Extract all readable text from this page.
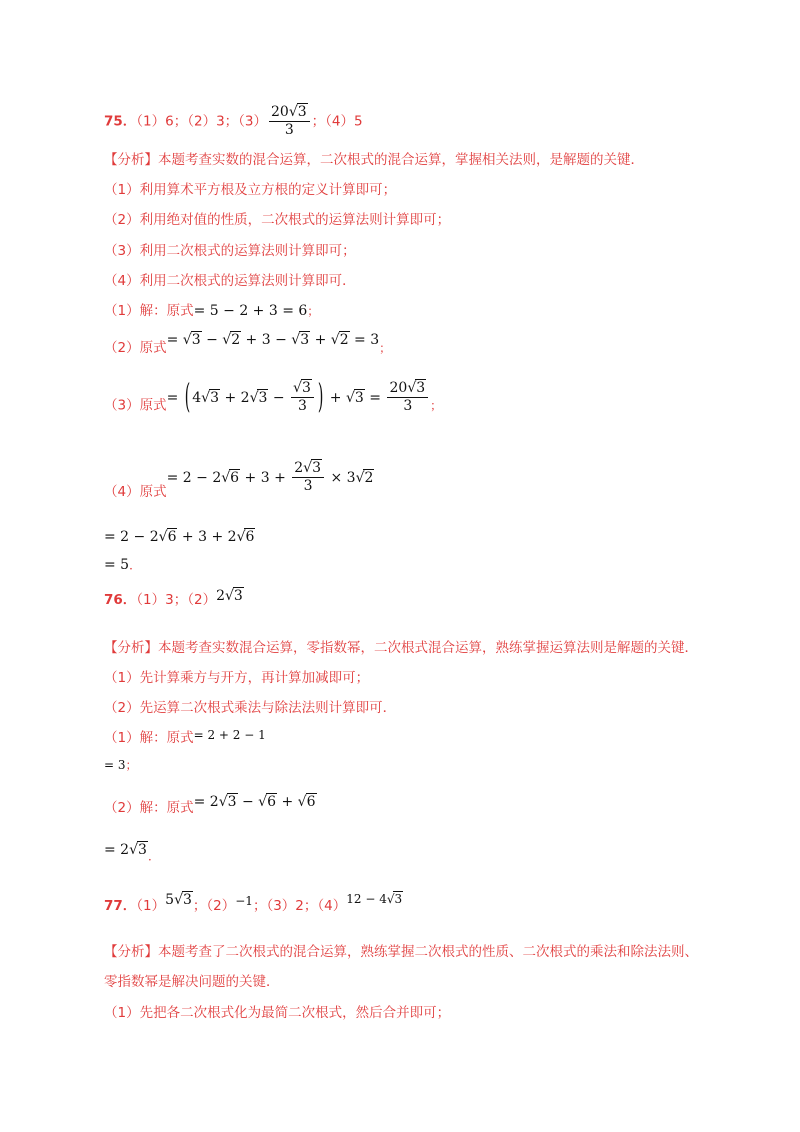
75．（1）6；（2）3；$(3) \frac{20√3}{3}$ ；（4）5
【分析】本题考查实数的混合运算，二次根式的混合运算，掌握相关法则，是解题的关键．
（1）利用算术平方根及立方根的定义计算即可；
（2）利用绝对值的性质，二次根式的运算法则计算即可；
（3）利用二次根式的运算法则计算即可；
（4）利用二次根式的运算法则计算即可．
（1）解：原式= 5 − 2 + 3 = 6；
（2）原式= √3 − √2 + 3 − √3 + √2 = 3；
（3）原式= ( $4√3 + 2√3 - \frac{√3}{3}$ ) + $√3 = \frac{20√3}{3}$ ；
（4）原式= $2 - 2√6 + 3 + \frac{2√3}{3} \times 3√2$
= 2 − 2√6 + 3 + 2√6
= 5．
76．（1）3；（2）2√3
【分析】本题考查实数混合运算，零指数幂，二次根式混合运算，熟练掌握运算法则是解题的关键．
（1）先计算乘方与开方，再计算加减即可；
（2）先运算二次根式乘法与除法法则计算即可．
（1）解：原式= 2 + 2 − 1
= 3；
（2）解：原式= 2√3 − √6 + √6
= 2√3．
77．（1）5√3；（2）−1；（3）2；（4）12 − 4√3
【分析】本题考查了二次根式的混合运算，熟练掌握二次根式的性质、二次根式的乘法和除法法则、
零指数幂是解决问题的关键．
（1）先把各二次根式化为最简二次根式，然后合并即可；
